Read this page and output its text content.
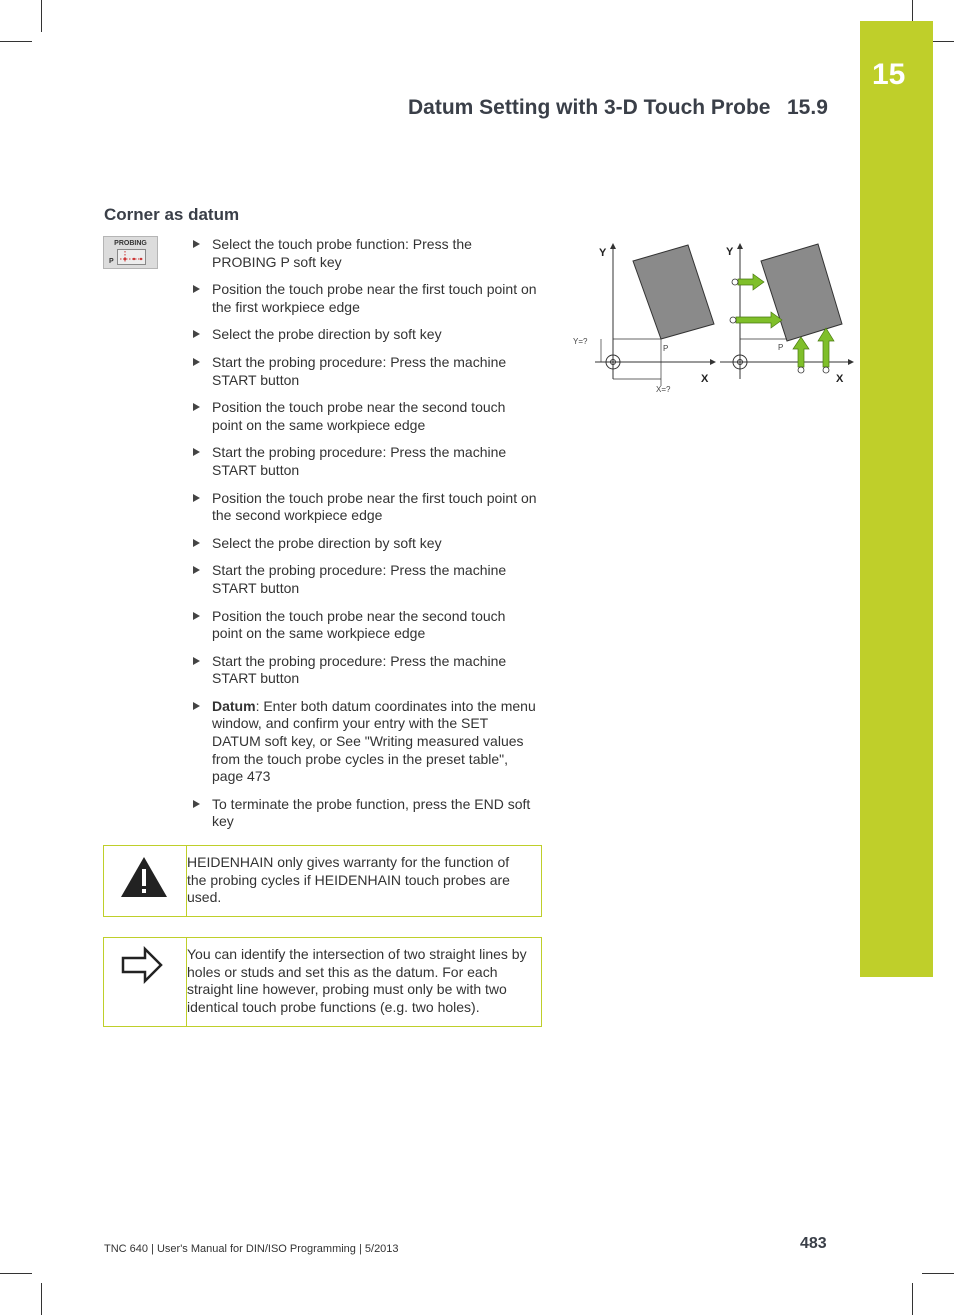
15
Datum Setting with 3-D Touch Probe 15.9
Corner as datum
PROBING
P
Select the touch probe function: Press the PROBING P soft key
Position the touch probe near the first touch point on the first workpiece edge
Select the probe direction by soft key
Start the probing procedure: Press the machine START button
Position the touch probe near the second touch point on the same workpiece edge
Start the probing procedure: Press the machine START button
Position the touch probe near the first touch point on the second workpiece edge
Select the probe direction by soft key
Start the probing procedure: Press the machine START button
Position the touch probe near the second touch point on the same workpiece edge
Start the probing procedure: Press the machine START button
Datum: Enter both datum coordinates into the menu window, and confirm your entry with the SET DATUM soft key, or See "Writing measured values from the touch probe cycles in the preset table", page 473
To terminate the probe function, press the END soft key
Y
X
Y=?
X=?
P
Y
X
P
HEIDENHAIN only gives warranty for the function of the probing cycles if HEIDENHAIN touch probes are used.
You can identify the intersection of two straight lines by holes or studs and set this as the datum. For each straight line however, probing must only be with two identical touch probe functions (e.g. two holes).
TNC 640 | User's Manual for DIN/ISO Programming | 5/2013	483
